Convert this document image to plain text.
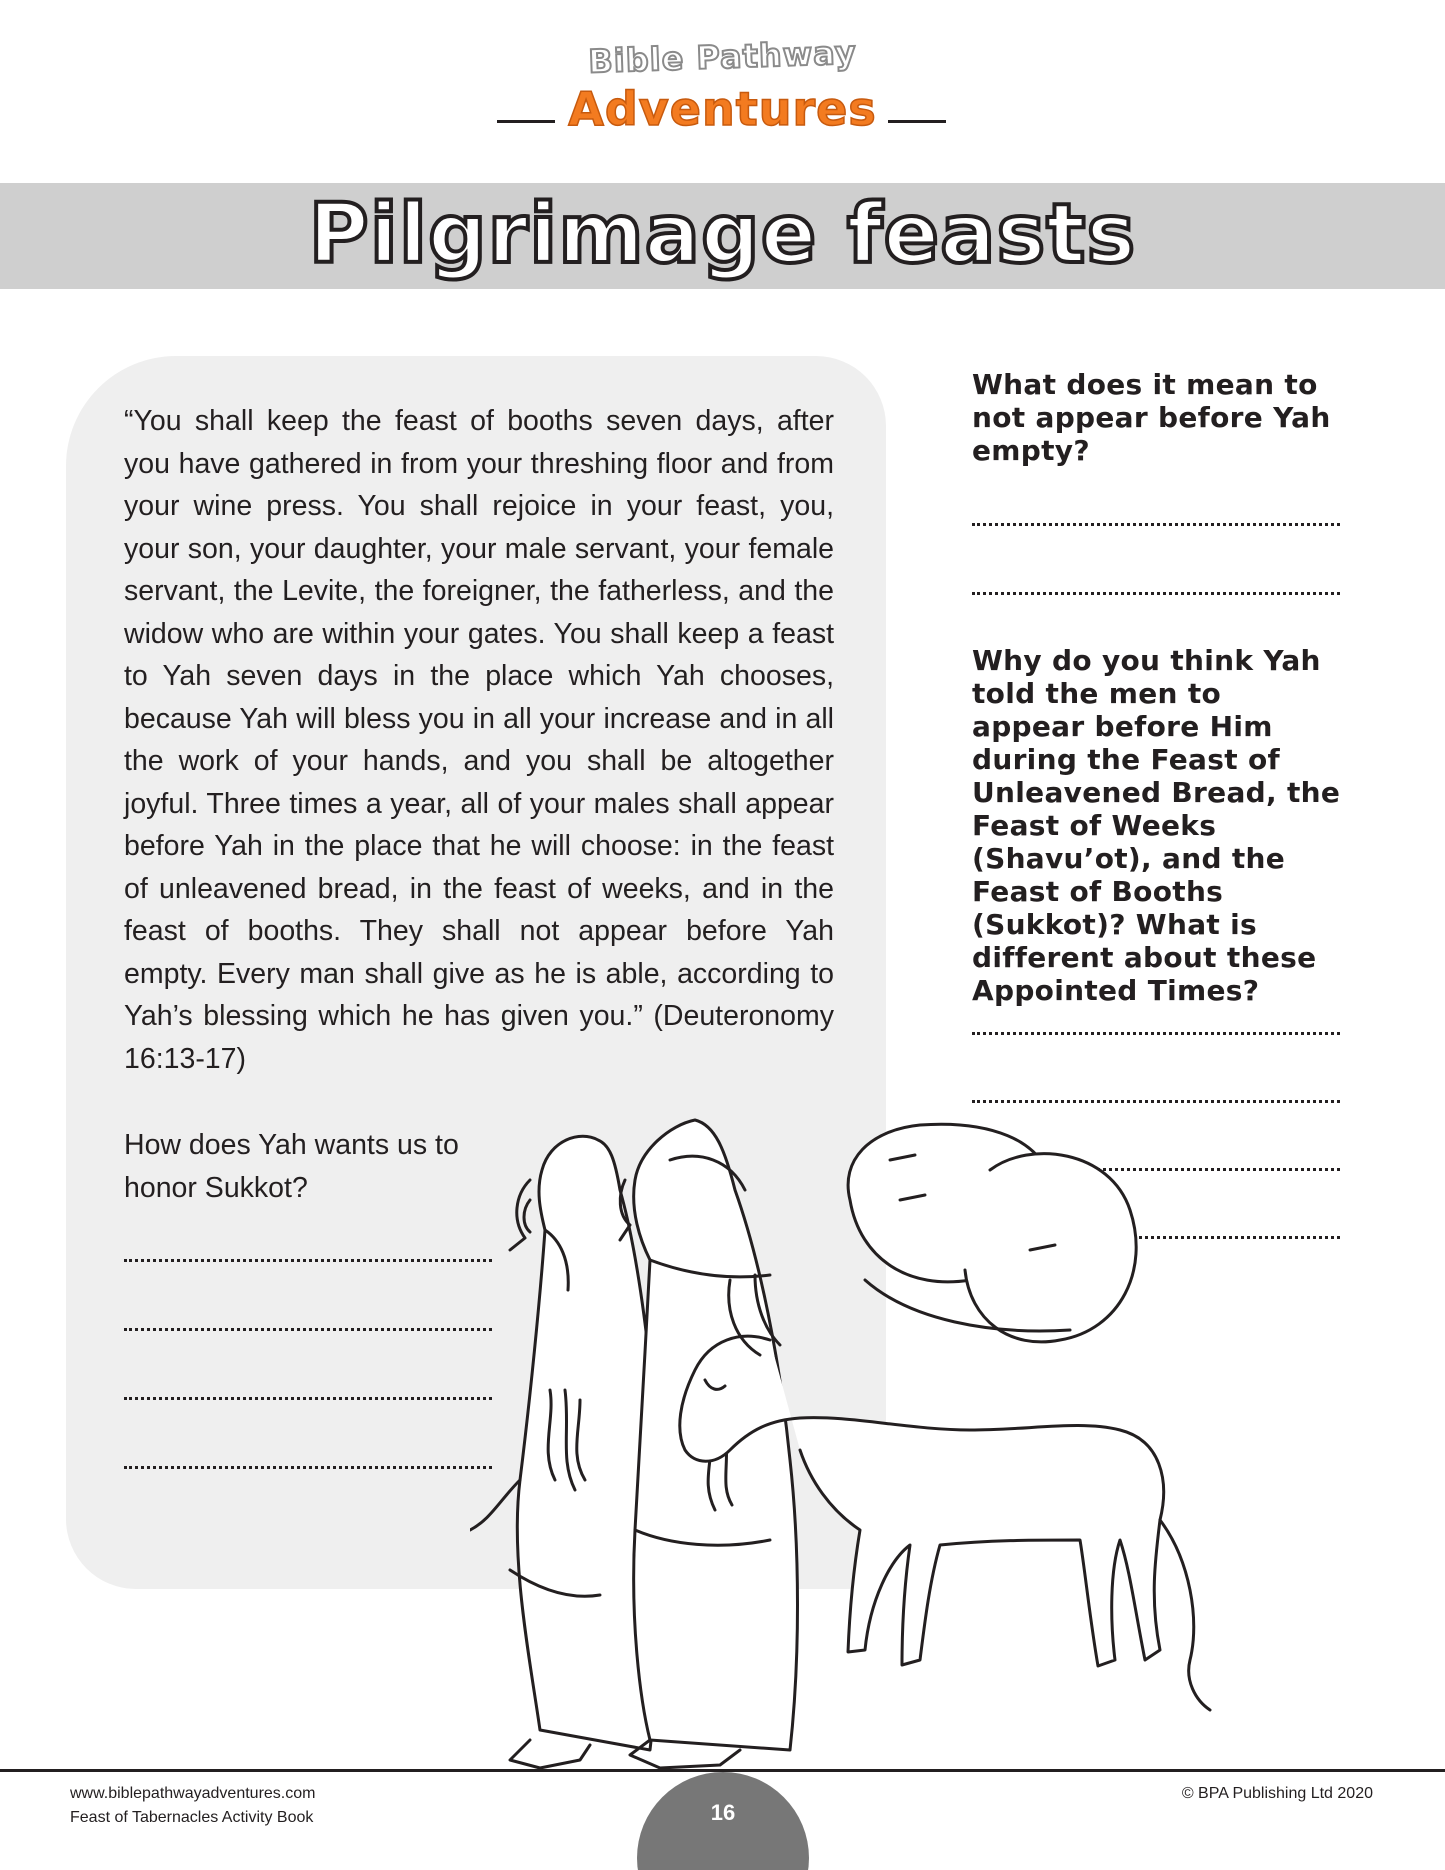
Bible Pathway
Adventures
Pilgrimage feasts
“You shall keep the feast of booths seven days, after you have gathered in from your threshing floor and from your wine press. You shall rejoice in your feast, you, your son, your daughter, your male servant, your female servant, the Levite, the foreigner, the fatherless, and the widow who are within your gates. You shall keep a feast to Yah seven days in the place which Yah chooses, because Yah will bless you in all your increase and in all the work of your hands, and you shall be altogether joyful. Three times a year, all of your males shall appear before Yah in the place that he will choose: in the feast of unleavened bread, in the feast of weeks, and in the feast of booths. They shall not appear before Yah empty. Every man shall give as he is able, according to Yah’s blessing which he has given you.” (Deuteronomy 16:13-17)
How does Yah wants us to honor Sukkot?
What does it mean to not appear before Yah empty?
Why do you think Yah told the men to appear before Him during the Feast of Unleavened Bread, the Feast of Weeks (Shavu’ot), and the Feast of Booths (Sukkot)? What is different about these Appointed Times?
www.biblepathwayadventures.com
Feast of Tabernacles Activity Book	16
© BPA Publishing Ltd 2020
